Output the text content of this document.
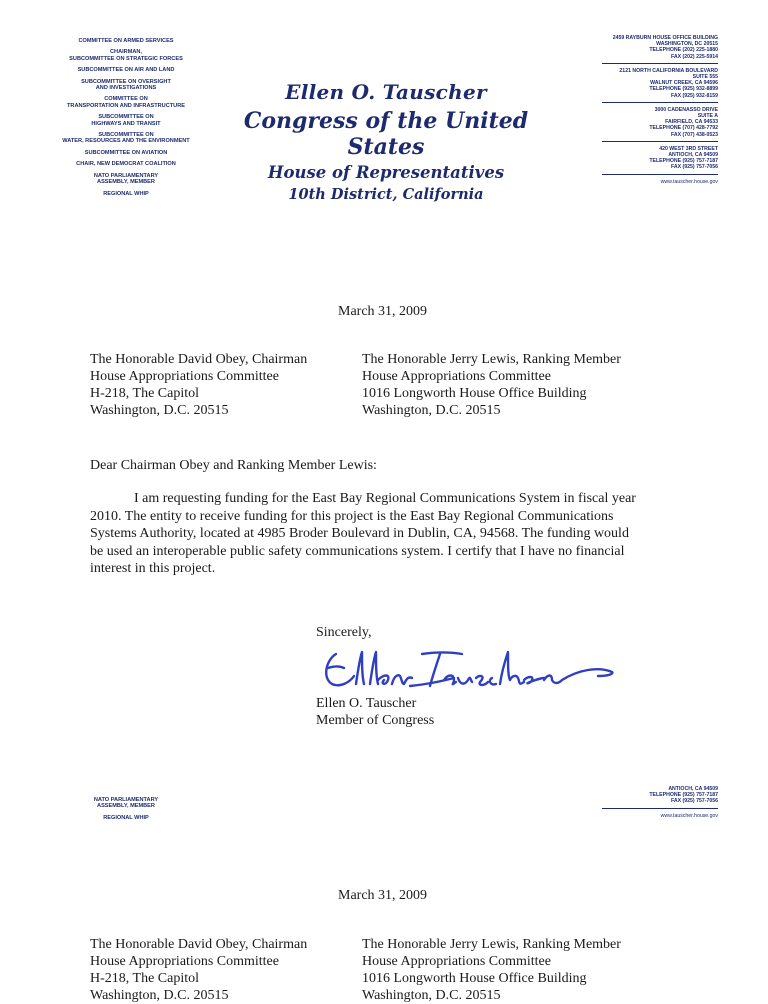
COMMITTEE ON ARMED SERVICES
CHAIRMAN,
SUBCOMMITTEE ON STRATEGIC FORCES
SUBCOMMITTEE ON AIR AND LAND
SUBCOMMITTEE ON OVERSIGHT
AND INVESTIGATIONS
COMMITTEE ON
TRANSPORTATION AND INFRASTRUCTURE
SUBCOMMITTEE ON
HIGHWAYS AND TRANSIT
SUBCOMMITTEE ON
WATER, RESOURCES AND THE ENVIRONMENT
SUBCOMMITTEE ON AVIATION
CHAIR, NEW DEMOCRAT COALITION
NATO PARLIAMENTARY
ASSEMBLY, MEMBER
REGIONAL WHIP
Ellen O. Tauscher
Congress of the United States
House of Representatives
10th District, California
2459 RAYBURN HOUSE OFFICE BUILDING
WASHINGTON, DC 20515
TELEPHONE (202) 225-1880
FAX (202) 225-5914
2121 NORTH CALIFORNIA BOULEVARD
SUITE 555
WALNUT CREEK, CA 94596
TELEPHONE (925) 932-8899
FAX (925) 932-8159
3000 CADENASSO DRIVE
SUITE A
FAIRFIELD, CA 94533
TELEPHONE (707) 428-7792
FAX (707) 438-0523
420 WEST 3RD STREET
ANTIOCH, CA 94509
TELEPHONE (925) 757-7187
FAX (925) 757-7056
www.tauscher.house.gov
March 31, 2009
The Honorable David Obey, Chairman
House Appropriations Committee
H-218, The Capitol
Washington, D.C. 20515
The Honorable Jerry Lewis, Ranking Member
House Appropriations Committee
1016 Longworth House Office Building
Washington, D.C. 20515
Dear Chairman Obey and Ranking Member Lewis:
I am requesting funding for the East Bay Regional Communications System in fiscal year
2010. The entity to receive funding for this project is the East Bay Regional Communications
Systems Authority, located at 4985 Broder Boulevard in Dublin, CA, 94568. The funding would
be used an interoperable public safety communications system. I certify that I have no financial
interest in this project.
Sincerely,
Ellen O. Tauscher
Member of Congress
NATO PARLIAMENTARY
ASSEMBLY, MEMBER
REGIONAL WHIP
ANTIOCH, CA 94509
TELEPHONE (925) 757-7187
FAX (925) 757-7056
www.tauscher.house.gov
March 31, 2009
The Honorable David Obey, Chairman
House Appropriations Committee
H-218, The Capitol
Washington, D.C. 20515
The Honorable Jerry Lewis, Ranking Member
House Appropriations Committee
1016 Longworth House Office Building
Washington, D.C. 20515
